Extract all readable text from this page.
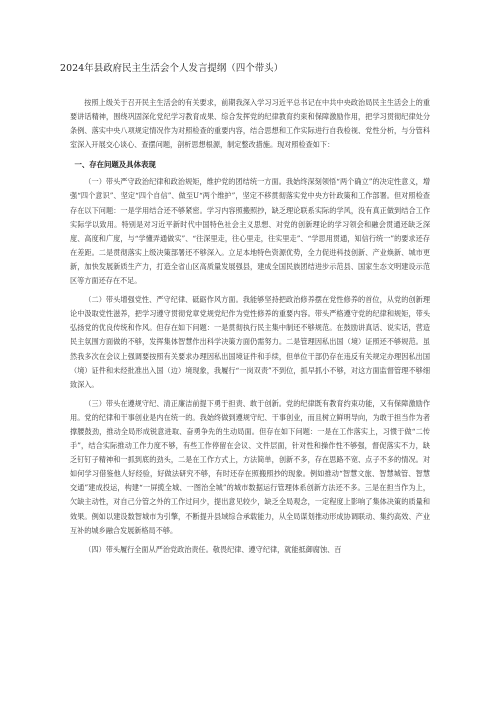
2024年县政府民主生活会个人发言提纲（四个带头）

按照上级关于召开民主生活会的有关要求，前期我深入学习习近平总书记在中共中央政治局民主生活会上的重要讲话精神，围绕巩固深化党纪学习教育成果、综合发挥党的纪律教育约束和保障激励作用，把学习贯彻纪律处分条例、落实中央八项规定情况作为对照检查的重要内容，结合思想和工作实际进行自我检视、党性分析，与分管科室深入开展交心谈心、查摆问题，剖析思想根源，制定整改措施。现对照检查如下：

一、存在问题及具体表现

（一）带头严守政治纪律和政治规矩，维护党的团结统一方面。我始终深刻领悟“两个确立”的决定性意义，增强“四个意识”、坚定“四个自信”、做至U“两个维护”，坚定不移贯彻落实党中央方针政策和工作部署。但对照检查存在以下问题：一是学用结合还不够紧密。学习内容照搬照抄，缺乏理论联系实际的学风，没有真正做到结合工作实际学以致用。特别是对习近平新时代中国特色社会主义思想、对党的创新理论的学习领会和融会贯通还缺乏深度、高度和广度，与“学懂弄通做实”、“往深里走，往心里走，往实里走”、“学思用贯通，知信行统一”的要求还存在差距。二是贯彻落实上级决策部署还不够深入。立足本地特色资源优势，全力促进科技创新、产业焕新、城市更新，加快发展新质生产力，打造全省山区高质量发展强县，建成全国民族团结进步示范县、国家生态文明建设示范区等方面还存在不足。

（二）带头增强党性、严守纪律、砥砺作风方面。我能够坚持把政治修养摆在党性修养的首位，从党的创新理论中汲取党性滋养，把学习遵守贯彻党章党规党纪作为党性修养的重要内容。带头严格遵守党的纪律和规矩，带头弘扬党的优良传统和作风。但存在如下问题：一是贯彻执行民主集中制还不够规范。在鼓励讲真话、说实话，营造民主氛围方面做的不够，发挥集体智慧作出科学决策方面仍需努力。二是管理因私出国（境）证照还不够规范。虽然我多次在会议上强调要按照有关要求办理因私出国境证件和手续，但单位干部仍存在违反有关规定办理因私出国（境）证件和未经批准出入国（边）境现象，我履行“一岗双责”不到位，抓早抓小不够，对这方面监督管理不够细致深入。

（三）带头在遵规守纪、清正廉洁前提下勇于担责、敢于创新。党的纪律既有教育约束功能，又有保障激励作用。党的纪律和干事创业是内在统一的。我始终做到遵规守纪、干事创业，而且树立鲜明导向，为敢于担当作为者撑腰鼓劲，推动全局形成锐意进取、奋勇争先的生动局面。但存在如下问题：一是在工作落实上，习惯于做“二传手”，结合实际推动工作力度不够，有些工作停留在会议、文件层面，针对性和操作性不够强，督促落实不力，缺乏钉钉子精神和一抓到底的劲头，二是在工作方式上，方法简单，创新不多，存在思路不宽、点子不多的情况。对如何学习借鉴他人好经验，好做法研究不够，有时还存在照搬照抄的现象。例如推动“智慧文旅、智慧城管、智慧交通”建成投运，构建“一屏揽全城、一图治全城”的城市数据运行管理体系创新方法还不多。三是在担当作为上，欠缺主动性，对自己分管之外的工作过问少，提出意见较少，缺乏全局观念，一定程度上影响了集体决策的质量和效果。例如以建设数智城市为引擎，不断提升县域综合承载能力，从全局谋划推动形成协调联动、集约高效、产业互补的城乡融合发展新格局不够。

（四）带头履行全面从严治党政治责任。敬畏纪律、遵守纪律，就能抵御腐蚀、百
